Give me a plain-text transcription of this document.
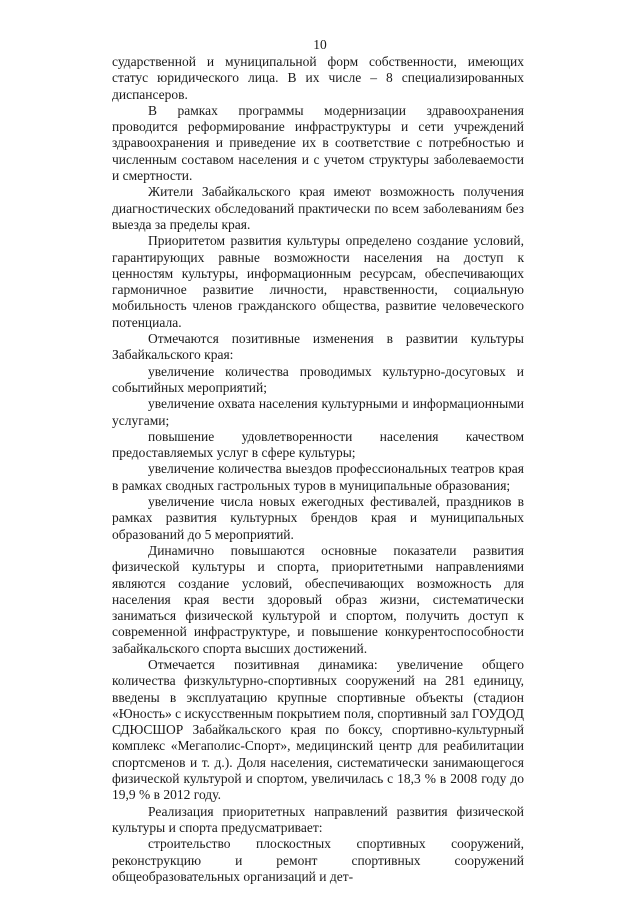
10

сударственной и муниципальной форм собственности, имеющих статус юридического лица. В их числе – 8 специализированных диспансеров.

В рамках программы модернизации здравоохранения проводится реформирование инфраструктуры и сети учреждений здравоохранения и приведение их в соответствие с потребностью и численным составом населения и с учетом структуры заболеваемости и смертности.

Жители Забайкальского края имеют возможность получения диагностических обследований практически по всем заболеваниям без выезда за пределы края.

Приоритетом развития культуры определено создание условий, гарантирующих равные возможности населения на доступ к ценностям культуры, информационным ресурсам, обеспечивающих гармоничное развитие личности, нравственности, социальную мобильность членов гражданского общества, развитие человеческого потенциала.

Отмечаются позитивные изменения в развитии культуры Забайкальского края:

увеличение количества проводимых культурно-досуговых и событийных мероприятий;

увеличение охвата населения культурными и информационными услугами;

повышение удовлетворенности населения качеством предоставляемых услуг в сфере культуры;

увеличение количества выездов профессиональных театров края в рамках сводных гастрольных туров в муниципальные образования;

увеличение числа новых ежегодных фестивалей, праздников в рамках развития культурных брендов края и муниципальных образований до 5 мероприятий.

Динамично повышаются основные показатели развития физической культуры и спорта, приоритетными направлениями являются создание условий, обеспечивающих возможность для населения края вести здоровый образ жизни, систематически заниматься физической культурой и спортом, получить доступ к современной инфраструктуре, и повышение конкурентоспособности забайкальского спорта высших достижений.

Отмечается позитивная динамика: увеличение общего количества физкультурно-спортивных сооружений на 281 единицу, введены в эксплуатацию крупные спортивные объекты (стадион «Юность» с искусственным покрытием поля, спортивный зал ГОУДОД СДЮСШОР Забайкальского края по боксу, спортивно-культурный комплекс «Мегаполис-Спорт», медицинский центр для реабилитации спортсменов и т. д.). Доля населения, систематически занимающегося физической культурой и спортом, увеличилась с 18,3 % в 2008 году до 19,9 % в 2012 году.

Реализация приоритетных направлений развития физической культуры и спорта предусматривает:

строительство плоскостных спортивных сооружений, реконструкцию и ремонт спортивных сооружений общеобразовательных организаций и дет-
